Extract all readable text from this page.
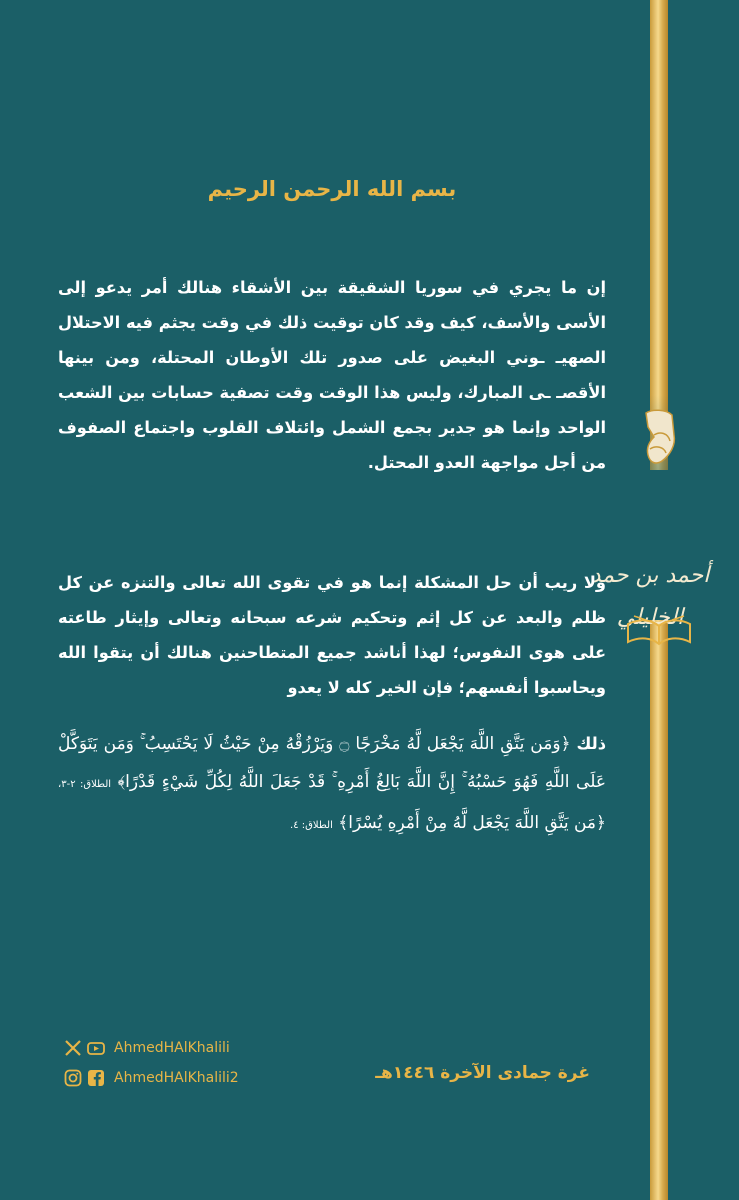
أحمد بن حمد الخليلي
بسم الله الرحمن الرحيم

إن ما يجري في سوريا الشقيقة بين الأشقاء هنالك أمر يدعو إلى الأسى والأسف، كيف وقد كان توقيت ذلك في وقت يجثم فيه الاحتلال الصهيـ ـوني البغيض على صدور تلك الأوطان المحتلة، ومن بينها الأقصـ ـى المبارك، وليس هذا الوقت وقت تصفية حسابات بين الشعب الواحد وإنما هو جدير بجمع الشمل وائتلاف القلوب واجتماع الصفوف من أجل مواجهة العدو المحتل.

ولا ريب أن حل المشكلة إنما هو في تقوى الله تعالى والتنزه عن كل ظلم والبعد عن كل إثم وتحكيم شرعه سبحانه وتعالى وإيثار طاعته على هوى النفوس؛ لهذا أناشد جميع المتطاحنين هنالك أن يتقوا الله ويحاسبوا أنفسهم؛ فإن الخير كله لا يعدو

ذلك ﴿وَمَن يَتَّقِ اللَّهَ يَجْعَل لَّهُ مَخْرَجًا ۝ وَيَرْزُقْهُ مِنْ حَيْثُ لَا يَحْتَسِبُ ۚ وَمَن يَتَوَكَّلْ عَلَى اللَّهِ فَهُوَ حَسْبُهُ ۚ إِنَّ اللَّهَ بَالِغُ أَمْرِهِ ۚ قَدْ جَعَلَ اللَّهُ لِكُلِّ شَيْءٍ قَدْرًا﴾ الطلاق: ٢-٣، ﴿مَن يَتَّقِ اللَّهَ يَجْعَل لَّهُ مِنْ أَمْرِهِ يُسْرًا﴾ الطلاق: ٤.
غرة جمادى الآخرة ١٤٤٦هـ
AhmedHAlKhalili
AhmedHAlKhalili2
